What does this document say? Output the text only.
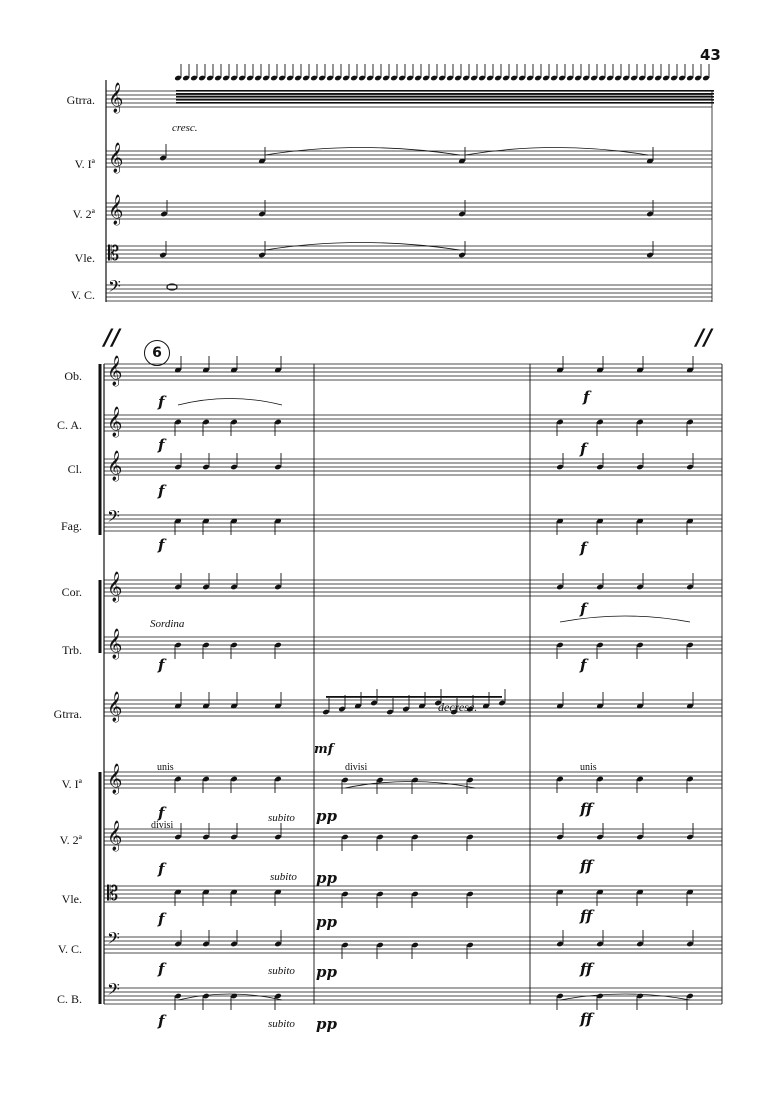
𝄞
𝄞
𝄞
𝄡
𝄢
𝄞
𝄞
𝄞
𝄢
𝄞
𝄞
𝄞
𝄞
𝄞
𝄡
𝄢
𝄢
43
Gtrra.
V. Iª
V. 2ª
Vle.
V. C.
cresc.
//	//
6
Ob.
C. A.
Cl.
Fag.
Cor.
Trb.
Gtrra.
V. Iª
V. 2ª
Vle.
V. C.
C. B.
Sordina
decresc.
unis	divisi
divisi
unis
subito
subito
subito
subito
f
f
f
f
f
f
f
f
f
f
mf
pp
pp
pp
pp
pp
f
f
f
f
f
ff
ff
ff
ff
ff
